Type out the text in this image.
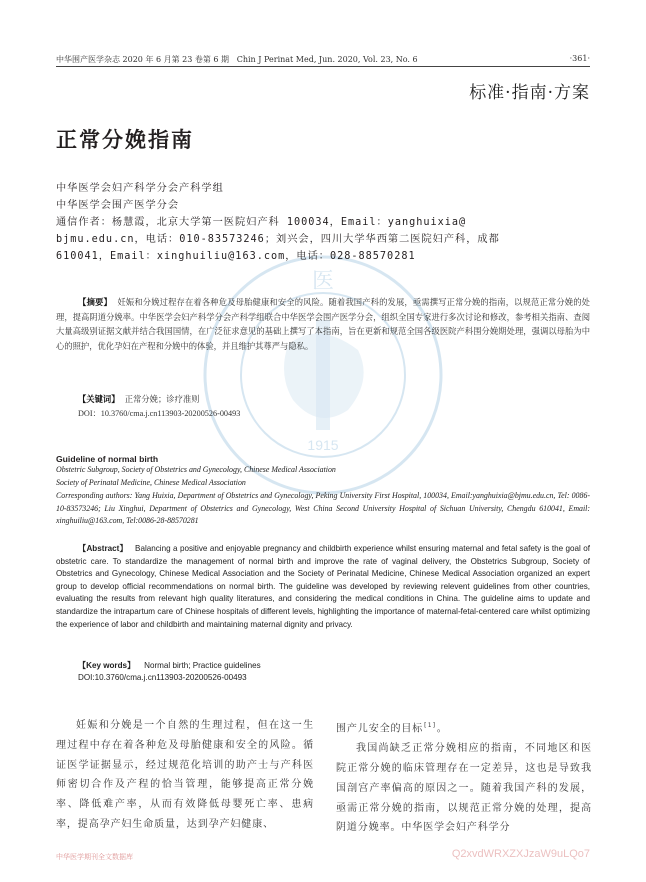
1915
医
中华围产医学杂志 2020 年 6 月第 23 卷第 6 期 Chin J Perinat Med, Jun. 2020, Vol. 23, No. 6	·361·
标准·指南·方案
正常分娩指南
中华医学会妇产科学分会产科学组
中华医学会围产医学分会
通信作者：杨慧霞，北京大学第一医院妇产科 100034，Email：yanghuixia@
bjmu.edu.cn，电话：010-83573246；刘兴会，四川大学华西第二医院妇产科，成都
610041，Email：xinghuiliu@163.com，电话：028-88570281
【摘要】 妊娠和分娩过程存在着各种危及母胎健康和安全的风险。随着我国产科的发展，亟需撰写正常分娩的指南，以规范正常分娩的处理，提高阴道分娩率。中华医学会妇产科学分会产科学组联合中华医学会围产医学分会，组织全国专家进行多次讨论和修改，参考相关指南、查阅大量高级别证据文献并结合我国国情，在广泛征求意见的基础上撰写了本指南，旨在更新和规范全国各级医院产科围分娩期处理，强调以母胎为中心的照护，优化孕妇在产程和分娩中的体验，并且维护其尊严与隐私。
【关键词】 正常分娩；诊疗准则
DOI：10.3760/cma.j.cn113903-20200526-00493
Guideline of normal birth
Obstetric Subgroup, Society of Obstetrics and Gynecology, Chinese Medical Association
Society of Perinatal Medicine, Chinese Medical Association
Corresponding authors: Yang Huixia, Department of Obstetrics and Gynecology, Peking University First Hospital, 100034, Email:yanghuixia@bjmu.edu.cn, Tel: 0086-10-83573246; Liu Xinghui, Department of Obstetrics and Gynecology, West China Second University Hospital of Sichuan University, Chengdu 610041, Email: xinghuiliu@163.com, Tel:0086-28-88570281
【Abstract】 Balancing a positive and enjoyable pregnancy and childbirth experience whilst ensuring maternal and fetal safety is the goal of obstetric care. To standardize the management of normal birth and improve the rate of vaginal delivery, the Obstetrics Subgroup, Society of Obstetrics and Gynecology, Chinese Medical Association and the Society of Perinatal Medicine, Chinese Medical Association organized an expert group to develop official recommendations on normal birth. The guideline was developed by reviewing relevent guidelines from other countries, evaluating the results from relevant high quality literatures, and considering the medical conditions in China. The guideline aims to update and standardize the intrapartum care of Chinese hospitals of different levels, highlighting the importance of maternal-fetal-centered care whilst optimizing the experience of labor and childbirth and maintaining maternal dignity and privacy.
【Key words】 Normal birth; Practice guidelines
DOI:10.3760/cma.j.cn113903-20200526-00493
妊娠和分娩是一个自然的生理过程，但在这一生理过程中存在着各种危及母胎健康和安全的风险。循证医学证据显示，经过规范化培训的助产士与产科医师密切合作及产程的恰当管理，能够提高正常分娩率、降低难产率，从而有效降低母婴死亡率、患病率，提高孕产妇生命质量，达到孕产妇健康、
围产儿安全的目标[1]。
我国尚缺乏正常分娩相应的指南，不同地区和医院正常分娩的临床管理存在一定差异，这也是导致我国剖宫产率偏高的原因之一。随着我国产科的发展，亟需正常分娩的指南，以规范正常分娩的处理，提高阴道分娩率。中华医学会妇产科学分
中华医学期刊全文数据库	Q2xvdWRXZXJzaW9uLQo7
